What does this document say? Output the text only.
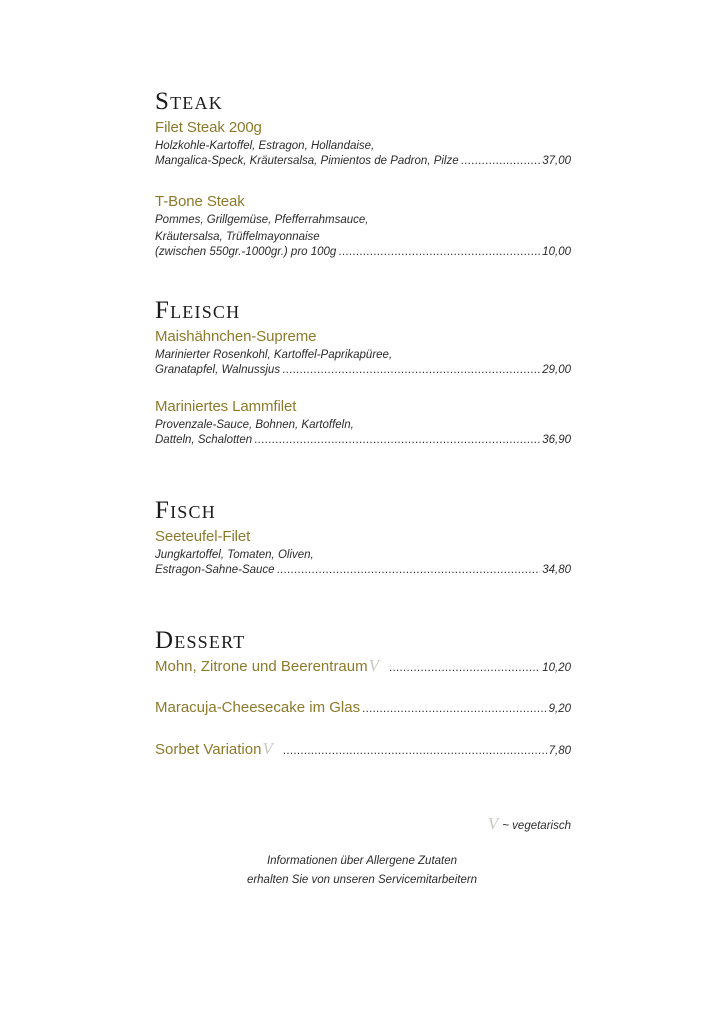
STEAK
Filet Steak 200g
Holzkohle-Kartoffel, Estragon, Hollandaise,
Mangalica-Speck, Kräutersalsa, Pimientos de Padron, Pilze .....	37,00
T-Bone Steak
Pommes, Grillgemüse, Pfefferrahmsauce,
Kräutersalsa, Trüffelmayonnaise
(zwischen 550gr.-1000gr.) pro 100g .....	10,00
FLEISCH
Maishähnchen-Supreme
Marinierter Rosenkohl, Kartoffel-Paprikapüree,
Granatapfel, Walnussjus .....	29,00
Mariniertes Lammfilet
Provenzale-Sauce, Bohnen, Kartoffeln,
Datteln, Schalotten .....	36,90
FISCH
Seeteufel-Filet
Jungkartoffel, Tomaten, Oliven,
Estragon-Sahne-Sauce .....	34,80
DESSERT
Mohn, Zitrone und Beerentraum V .....	10,20
Maracuja-Cheesecake im Glas .....	9,20
Sorbet Variation V .....	7,80
V ~ vegetarisch
Informationen über Allergene Zutaten
erhalten Sie von unseren Servicemitarbeitern
